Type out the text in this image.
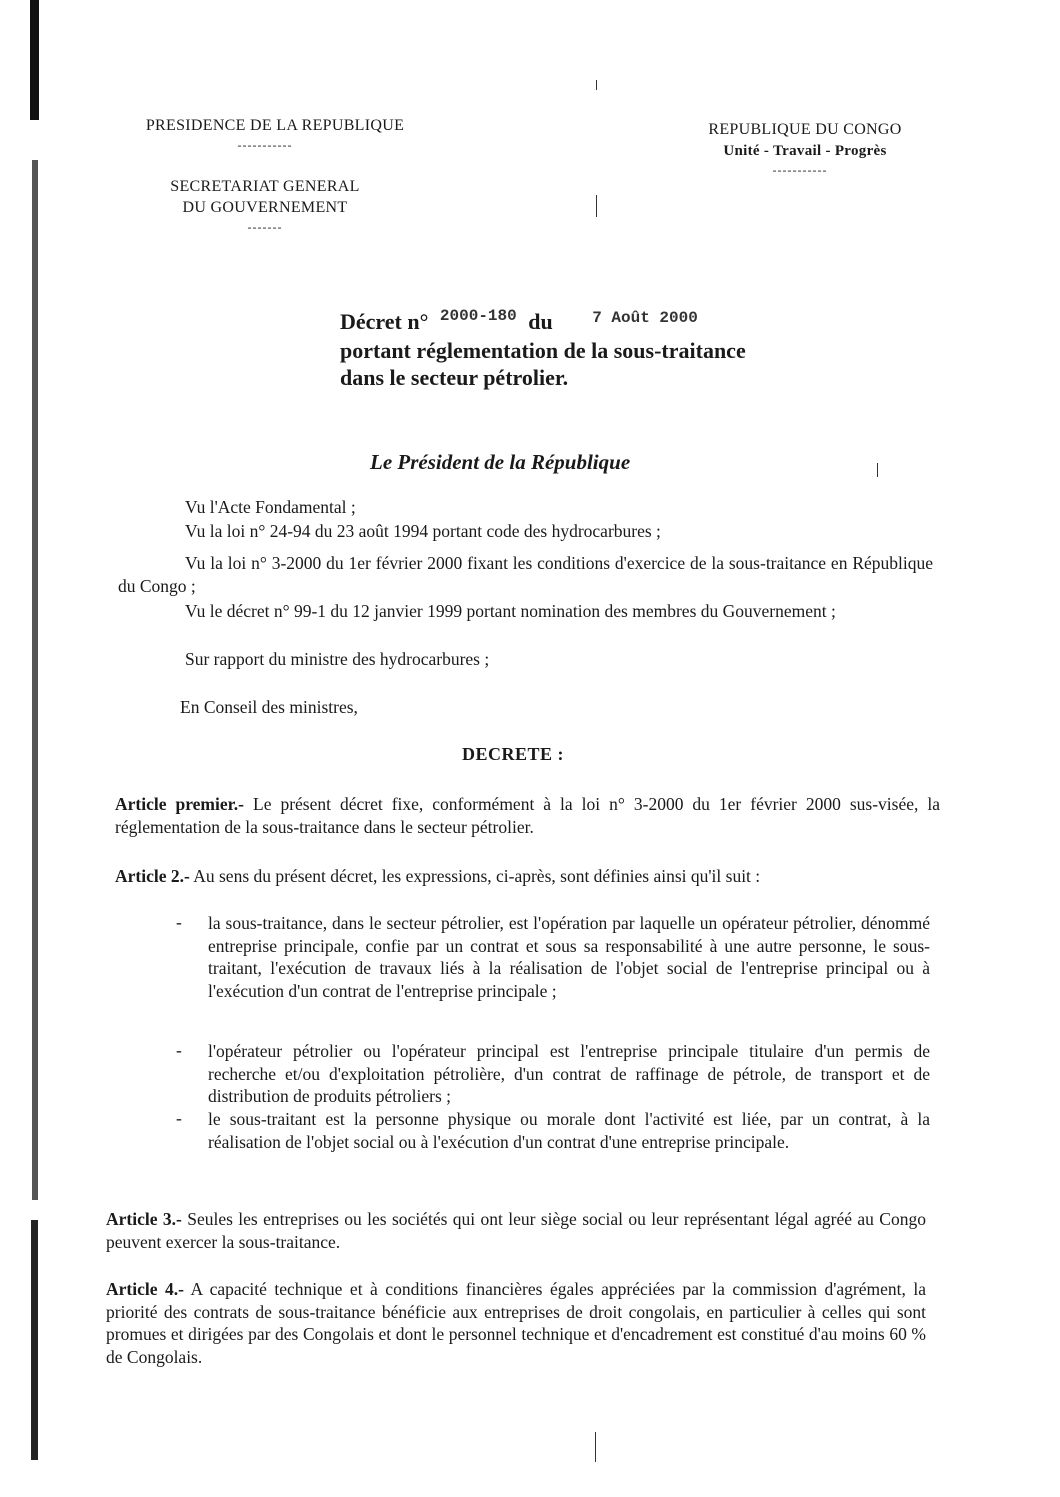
PRESIDENCE DE LA REPUBLIQUE
-----------
SECRETARIAT GENERAL
DU GOUVERNEMENT
-------
REPUBLIQUE DU CONGO
Unité - Travail - Progrès
-----------
Décret n° $^{2000-180}$ du $^{7 Août 2000}$
portant réglementation de la sous-traitance
dans le secteur pétrolier.
Le Président de la République
Vu l'Acte Fondamental ;
Vu la loi n° 24-94 du 23 août 1994 portant code des hydrocarbures ;
Vu la loi n° 3-2000 du 1er février 2000 fixant les conditions d'exercice de la sous-traitance en République du Congo ;
Vu le décret n° 99-1 du 12 janvier 1999 portant nomination des membres du Gouvernement ;
Sur rapport du ministre des hydrocarbures ;
En Conseil des ministres,
DECRETE :
Article premier.- Le présent décret fixe, conformément à la loi n° 3-2000 du 1er février 2000 sus-visée, la réglementation de la sous-traitance dans le secteur pétrolier.
Article 2.- Au sens du présent décret, les expressions, ci-après, sont définies ainsi qu'il suit :
- la sous-traitance, dans le secteur pétrolier, est l'opération par laquelle un opérateur pétrolier, dénommé entreprise principale, confie par un contrat et sous sa responsabilité à une autre personne, le sous-traitant, l'exécution de travaux liés à la réalisation de l'objet social de l'entreprise principal ou à l'exécution d'un contrat de l'entreprise principale ;
- l'opérateur pétrolier ou l'opérateur principal est l'entreprise principale titulaire d'un permis de recherche et/ou d'exploitation pétrolière, d'un contrat de raffinage de pétrole, de transport et de distribution de produits pétroliers ;
- le sous-traitant est la personne physique ou morale dont l'activité est liée, par un contrat, à la réalisation de l'objet social ou à l'exécution d'un contrat d'une entreprise principale.
Article 3.- Seules les entreprises ou les sociétés qui ont leur siège social ou leur représentant légal agréé au Congo peuvent exercer la sous-traitance.
Article 4.- A capacité technique et à conditions financières égales appréciées par la commission d'agrément, la priorité des contrats de sous-traitance bénéficie aux entreprises de droit congolais, en particulier à celles qui sont promues et dirigées par des Congolais et dont le personnel technique et d'encadrement est constitué d'au moins 60 % de Congolais.
